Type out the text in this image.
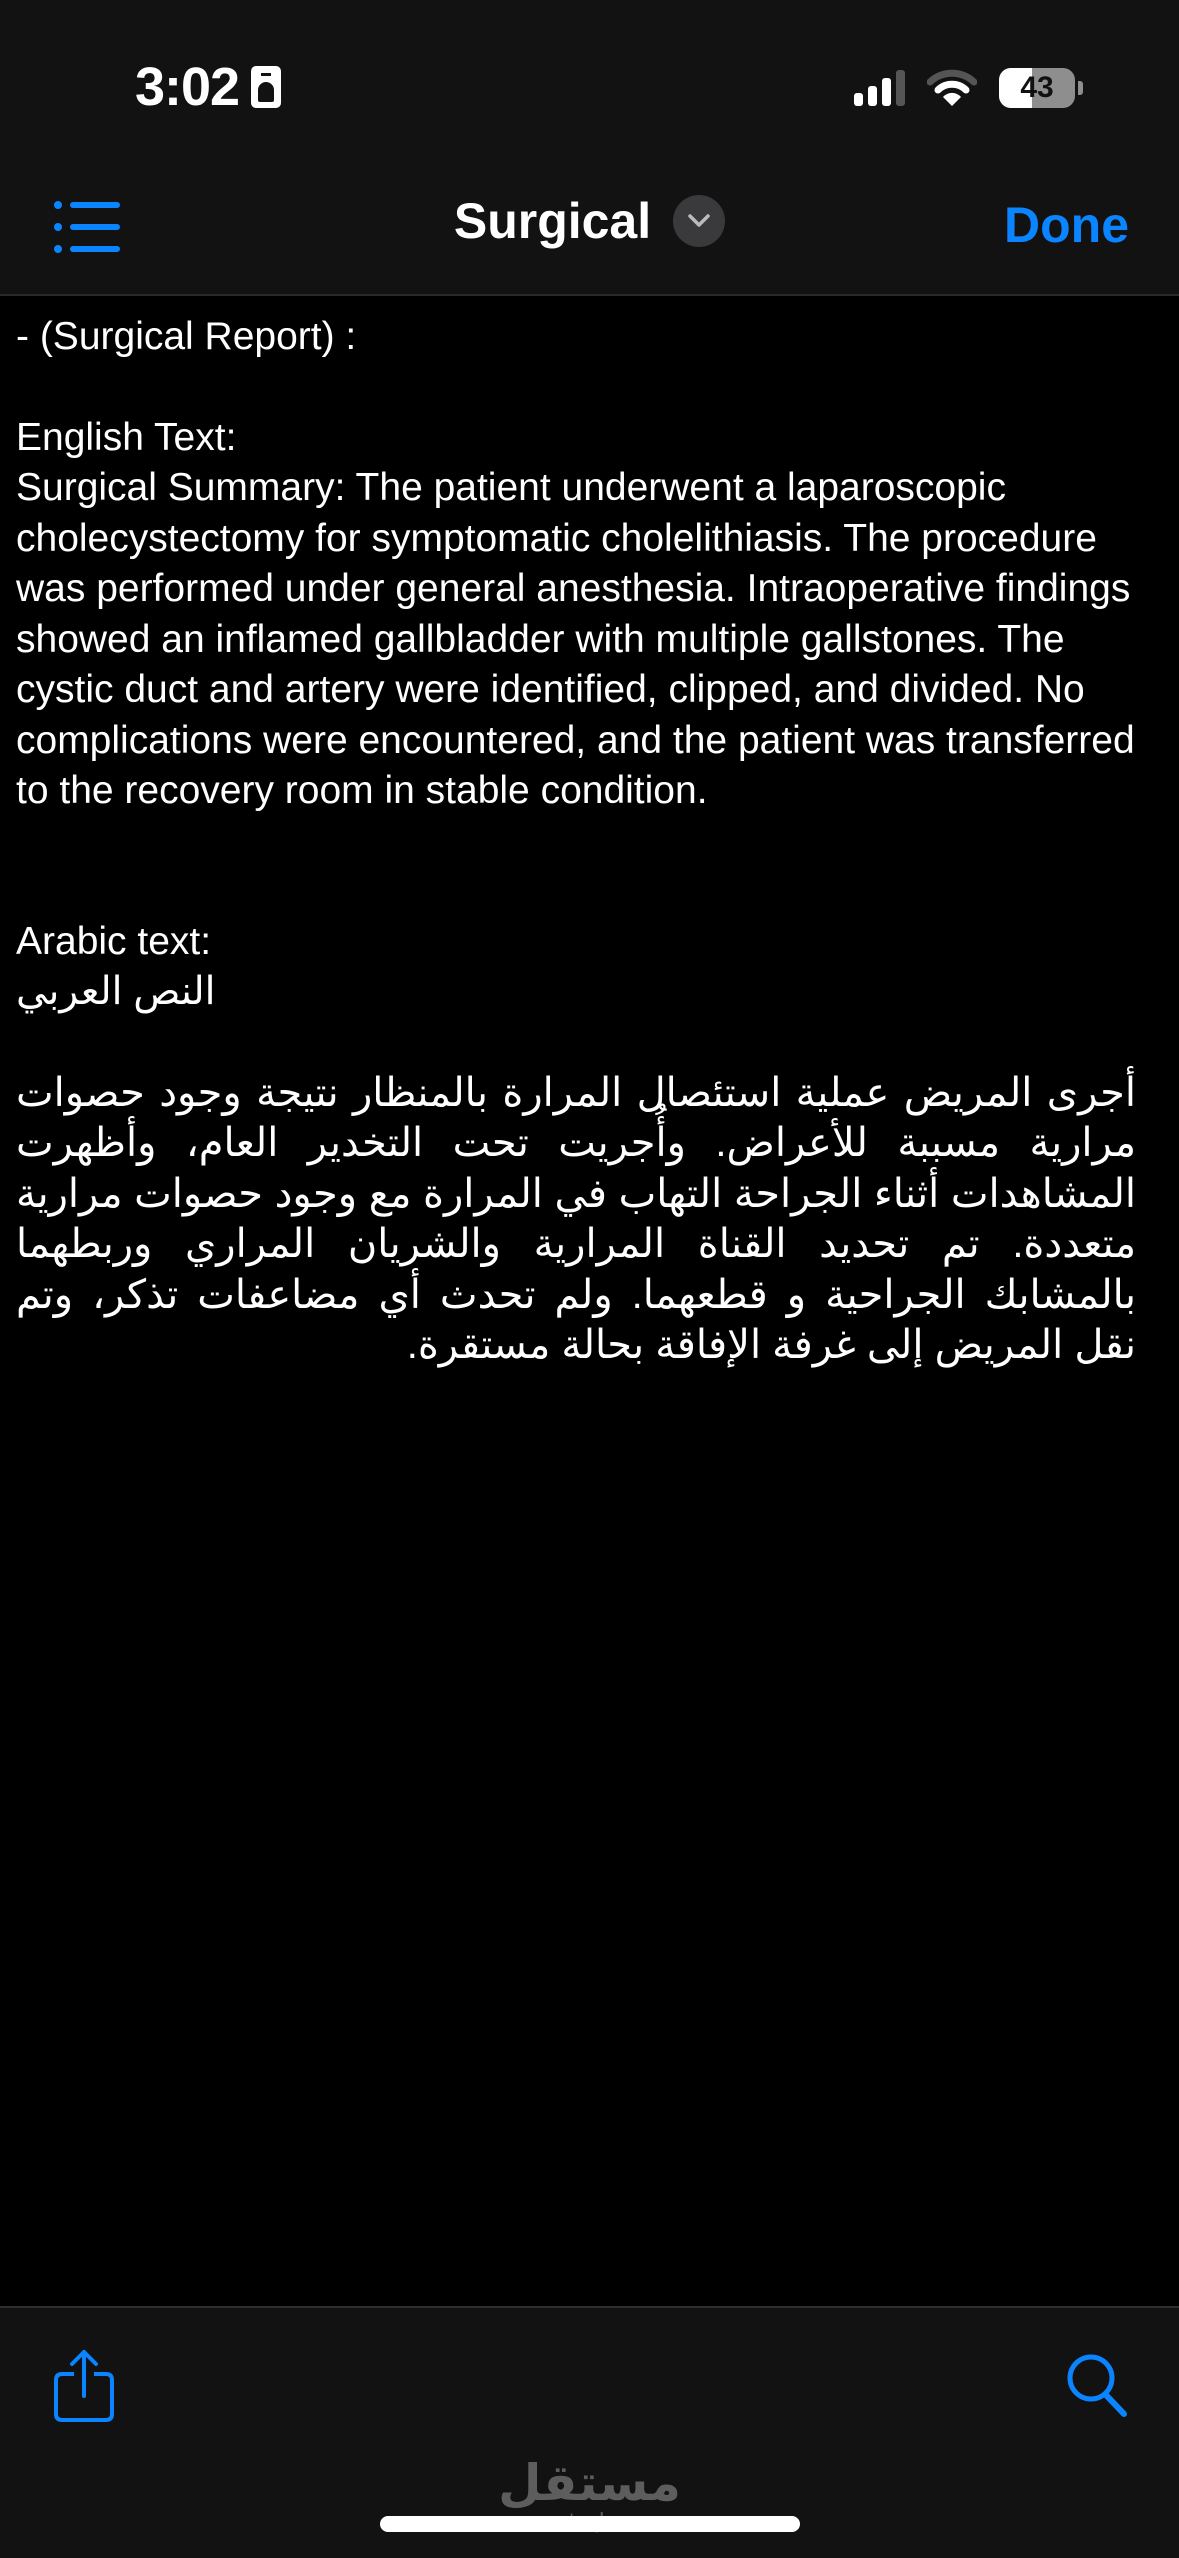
3:02	43
Surgical	Done

- (Surgical Report) :

English Text:

Surgical Summary: The patient underwent a laparoscopic cholecystectomy for symptomatic cholelithiasis. The procedure was performed under general anesthesia. Intraoperative findings showed an inflamed gallbladder with multiple gallstones. The cystic duct and artery were identified, clipped, and divided. No complications were encountered, and the patient was transferred to the recovery room in stable condition.

Arabic text:

النص العربي

أجرى المريض عملية استئصال المرارة بالمنظار نتيجة وجود حصوات مرارية مسببة للأعراض. وأُجريت تحت التخدير العام، وأظهرت المشاهدات أثناء الجراحة التهاب في المرارة مع وجود حصوات مرارية متعددة. تم تحديد القناة المرارية والشريان المراري وربطهما بالمشابك الجراحية و قطعهما. ولم تحدث أي مضاعفات تذكر، وتم نقل المريض إلى غرفة الإفاقة بحالة مستقرة.

مستقل
